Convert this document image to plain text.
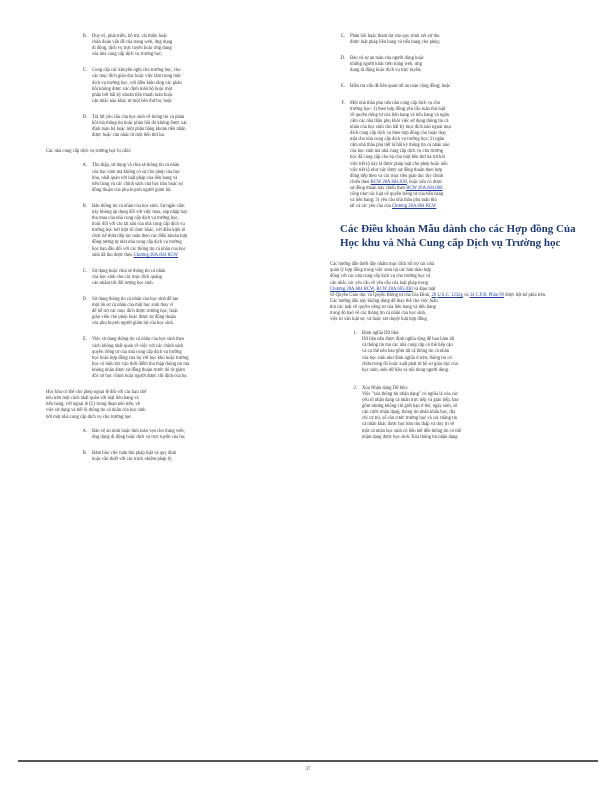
B.	Duy trì, phát triển, hỗ trợ, cải thiện hoặc
chẩn đoán vấn đề của trang web, ứng dụng
di động, dịch vụ trực tuyến hoặc ứng dụng
của nhà cung cấp dịch vụ trường học;
C.	Cung cấp các khuyến nghị cho trường học, cho
các mục đích giáo dục hoặc việc làm trong một
dịch vụ trường học, với điều kiện rằng các phản
hồi không được xác định toàn bộ hoặc một
phần bởi bất kỳ khoản tiền thanh toán hoặc
cân nhắc nào khác từ một bên thứ ba; hoặc
D.	Trả lời yêu cầu của học sinh về thông tin và phản
hồi mà thông tin hoặc phản hồi đó không được xác
định toàn bộ hoặc một phần bằng khoản tiền nhận
được hoặc cân nhắc từ một bên thứ ba.
Các nhà cung cấp dịch vụ trường học bị cấm:
A.	Thu thập, sử dụng và chia sẻ thông tin cá nhân
của học sinh mà không có sự cho phép của học
khu, nhất quán với luật pháp của liên bang và
tiểu bang và các chính sách của học khu hoặc sự
đồng thuận của phụ huynh người giám hộ.
B.	Bán thông tin cá nhân của học sinh. Sự ngăn cấm
này không áp dụng đối với việc mua, sáp nhập hay
thu mua của nhà cung cấp dịch vụ trường học,
hoặc đối với các tài sản của nhà cung cấp dịch vụ
trường học bởi một tổ chức khác, với điều kiện tổ
chức kế thừa tiếp tục tuân theo các điều khoản hợp
đồng tương tự như nhà cung cấp dịch vụ trường
học ban đầu đối với các thông tin cá nhân của học
sinh đã thu được theo Chương 28A.604 RCW
C.	Sử dụng hoặc chia sẻ thông tin cá nhân
của học sinh cho các mục đích quảng
cáo nhắm tới đối tượng học sinh.
D.	Sử dụng thông tin cá nhân của học sinh để tạo
một hồ sơ cá nhân của một học sinh thay vì
để hỗ trợ các mục đích được trường học, hoặc
giáo viên cho phép hoặc được sự đồng thuận
của phụ huynh người giám hộ của học sinh.
E.	Việc sử dụng thông tin cá nhân của học sinh theo
cách không nhất quán về việc với các chính sách
quyền riêng tư của nhà cung cấp dịch vụ trường
học hoặc hợp đồng của họ với học khu hoặc trường
học có hiệu lực vào thời điểm thu thập thông tin mà
không nhận được sự đồng thuận trước đó từ giám
đốc sở học chính hoặc người được chỉ định của họ.
Học khu có thể cho phép ngoại lệ đối với các hạn chế
nêu trên một cách nhất quán với luật liên bang và
tiểu bang, với ngoại lệ (C) trong đoạn nêu trên, về
việc sử dụng và tiết lộ thông tin cá nhân của học sinh
bởi một nhà cung cấp dịch vụ cho trường học.
A.	Bảo vệ an ninh hoặc tính toàn vẹn cho trang web,
ứng dụng di động hoặc dịch vụ trực tuyến của họ;
B.	Đảm bảo việc tuân thủ pháp luật và quy định
hoặc cần thiết với các trách nhiệm pháp lý;
C.	Phản hồi hoặc tham dự vào quy trình xét xử thu
được luật pháp liên bang và tiểu bang cho phép;
D.	Bảo vệ sự an toàn của người dùng hoặc
những người khác trên trang web, ứng
dụng di động hoặc dịch vụ trực tuyến;
E.	Điều tra vấn đề liên quan tới an toàn cộng đồng; hoặc
F.	Một nhà thầu phụ nếu nhà cung cấp dịch vụ cho
trường học: 1) theo hợp đồng yêu cầu tuân thủ luật
về quyền riêng tư của liên bang và tiểu bang và ngăn
cấm các nhà thầu phụ khỏi việc sử dụng thông tin cá
nhân của học sinh cho bất kỳ mục đích nào ngoài mục
đích cung cấp dịch vụ theo hợp đồng cho hoặc thay
mặt cho nhà cung cấp dịch vụ trường học; 2) ngăn
cấm nhà thầu phụ tiết lộ bất kỳ thông tin cá nhân nào
của học sinh mà nhà cung cấp dịch vụ cho trường
học đã cung cấp cho họ cho một bên thứ ba trừ khi
việc tiết lộ này là được pháp luật cho phép hoặc nếu
việc tiết lộ như vậy được sự đồng thuận theo hợp
đồng tiếp theo và các mục tiêu giáo dục tùy chỉnh
chiếu theo RCW 28A.604.030, hoặc nếu có được
sự đồng thuận này chiếu theo RCW 28A.604.060.
cũng như các luật về quyền riêng tư của tiểu bang
và liên bang; 3) yêu cầu nhà thầu phụ tuân thủ
tất cả các yêu cầu của Chương 28A.604 RCW
Các Điều khoản Mẫu dành cho các Hợp đồng Của
Học khu và Nhà Cung cấp Dịch vụ Trường học
Các hướng dẫn dưới đây nhằm mục đích hỗ trợ các nhà
quản lý hợp đồng trong việc xem lại các bản thảo hợp
đồng với các nhà cung cấp dịch vụ cho trường học và
cân nhắc các yêu cầu về yêu cầu của luật pháp trong
Chương 28A.604 RCW, RCW 28A.605.030 và Đạo luật
về Quyền Giáo dục và Quyền Riêng tư của Gia Đình, 20 U.S.C. 1232g và 34 C.F.R. Phần 99 được liệt kê phía trên.
Các hướng dẫn này không dùng để thay thế cho việc tuân
thủ các luật về quyền riêng tư của liên bang và tiểu bang
trong đó bao về các thông tin cá nhân của học sinh,
việc tư vấn luật sư, và hoặc xét duyệt luật hợp đồng
1.	Định nghĩa Dữ liệu:
Dữ liệu nên được định nghĩa rộng để bao hàm tất
cả thông tin mà các nhà cung cấp có thể tiếp cận
và cụ thể nên bao gồm tất cả thông tin cá nhân
của học sinh như định nghĩa ở trên, thông tin có
chứa trong đó hoặc xuất phát từ hồ sơ giáo dục của
học sinh, siêu dữ liệu và nội dung người dùng.
2.	Xóa Nhận dạng Dữ liệu:
Việc "xóa thông tin nhận dạng" có nghĩa là xóa các
yếu tố nhận dạng cá nhân trực tiếp và gián tiếp, bao
gồm nhưng không chỉ giới hạn ở tên, ngày sinh, số
căn cước nhận dạng, thông tin nhân khẩu học, địa
chỉ cư trú, số căn cước trường học và các thông tin
cá nhân khác được học khu thu thập và duy trì về
một cá nhân học sinh có liên kết đến thông tin có thể
nhận dạng được học sinh. Xóa thông tin nhận dạng
37
